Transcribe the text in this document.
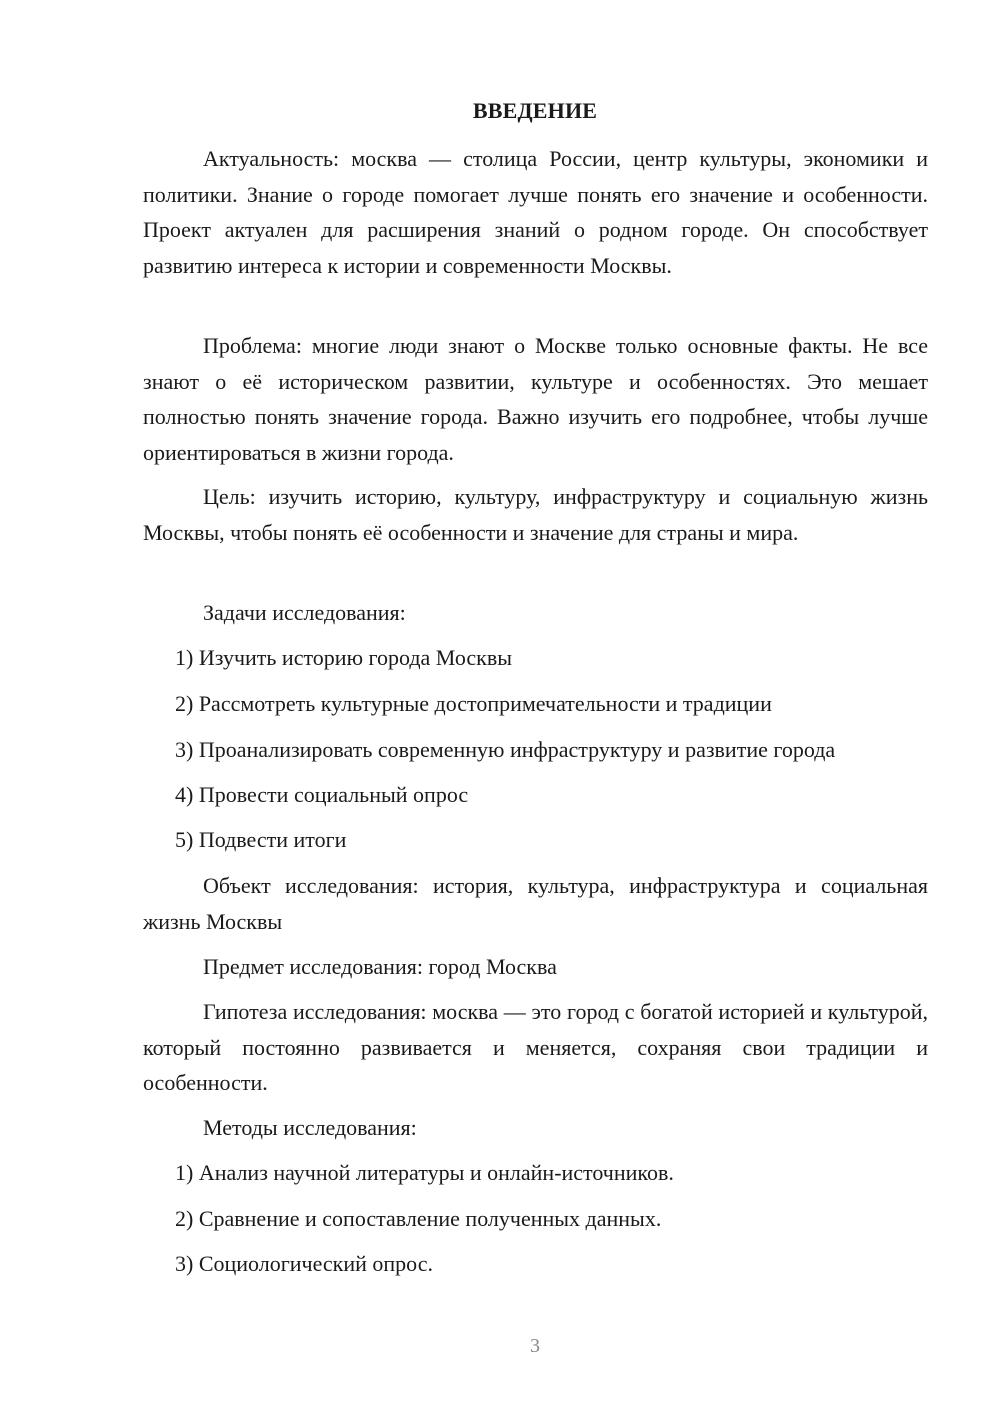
ВВЕДЕНИЕ

Актуальность: москва — столица России, центр культуры, экономики и политики. Знание о городе помогает лучше понять его значение и особенности. Проект актуален для расширения знаний о родном городе. Он способствует развитию интереса к истории и современности Москвы.

Проблема: многие люди знают о Москве только основные факты. Не все знают о её историческом развитии, культуре и особенностях. Это мешает полностью понять значение города. Важно изучить его подробнее, чтобы лучше ориентироваться в жизни города.

Цель: изучить историю, культуру, инфраструктуру и социальную жизнь Москвы, чтобы понять её особенности и значение для страны и мира.

Задачи исследования:
1) Изучить историю города Москвы
2) Рассмотреть культурные достопримечательности и традиции
3) Проанализировать современную инфраструктуру и развитие города
4) Провести социальный опрос
5) Подвести итоги

Объект исследования: история, культура, инфраструктура и социальная жизнь Москвы

Предмет исследования: город Москва

Гипотеза исследования: москва — это город с богатой историей и культурой, который постоянно развивается и меняется, сохраняя свои традиции и особенности.

Методы исследования:
1) Анализ научной литературы и онлайн-источников.
2) Сравнение и сопоставление полученных данных.
3) Социологический опрос.
3
